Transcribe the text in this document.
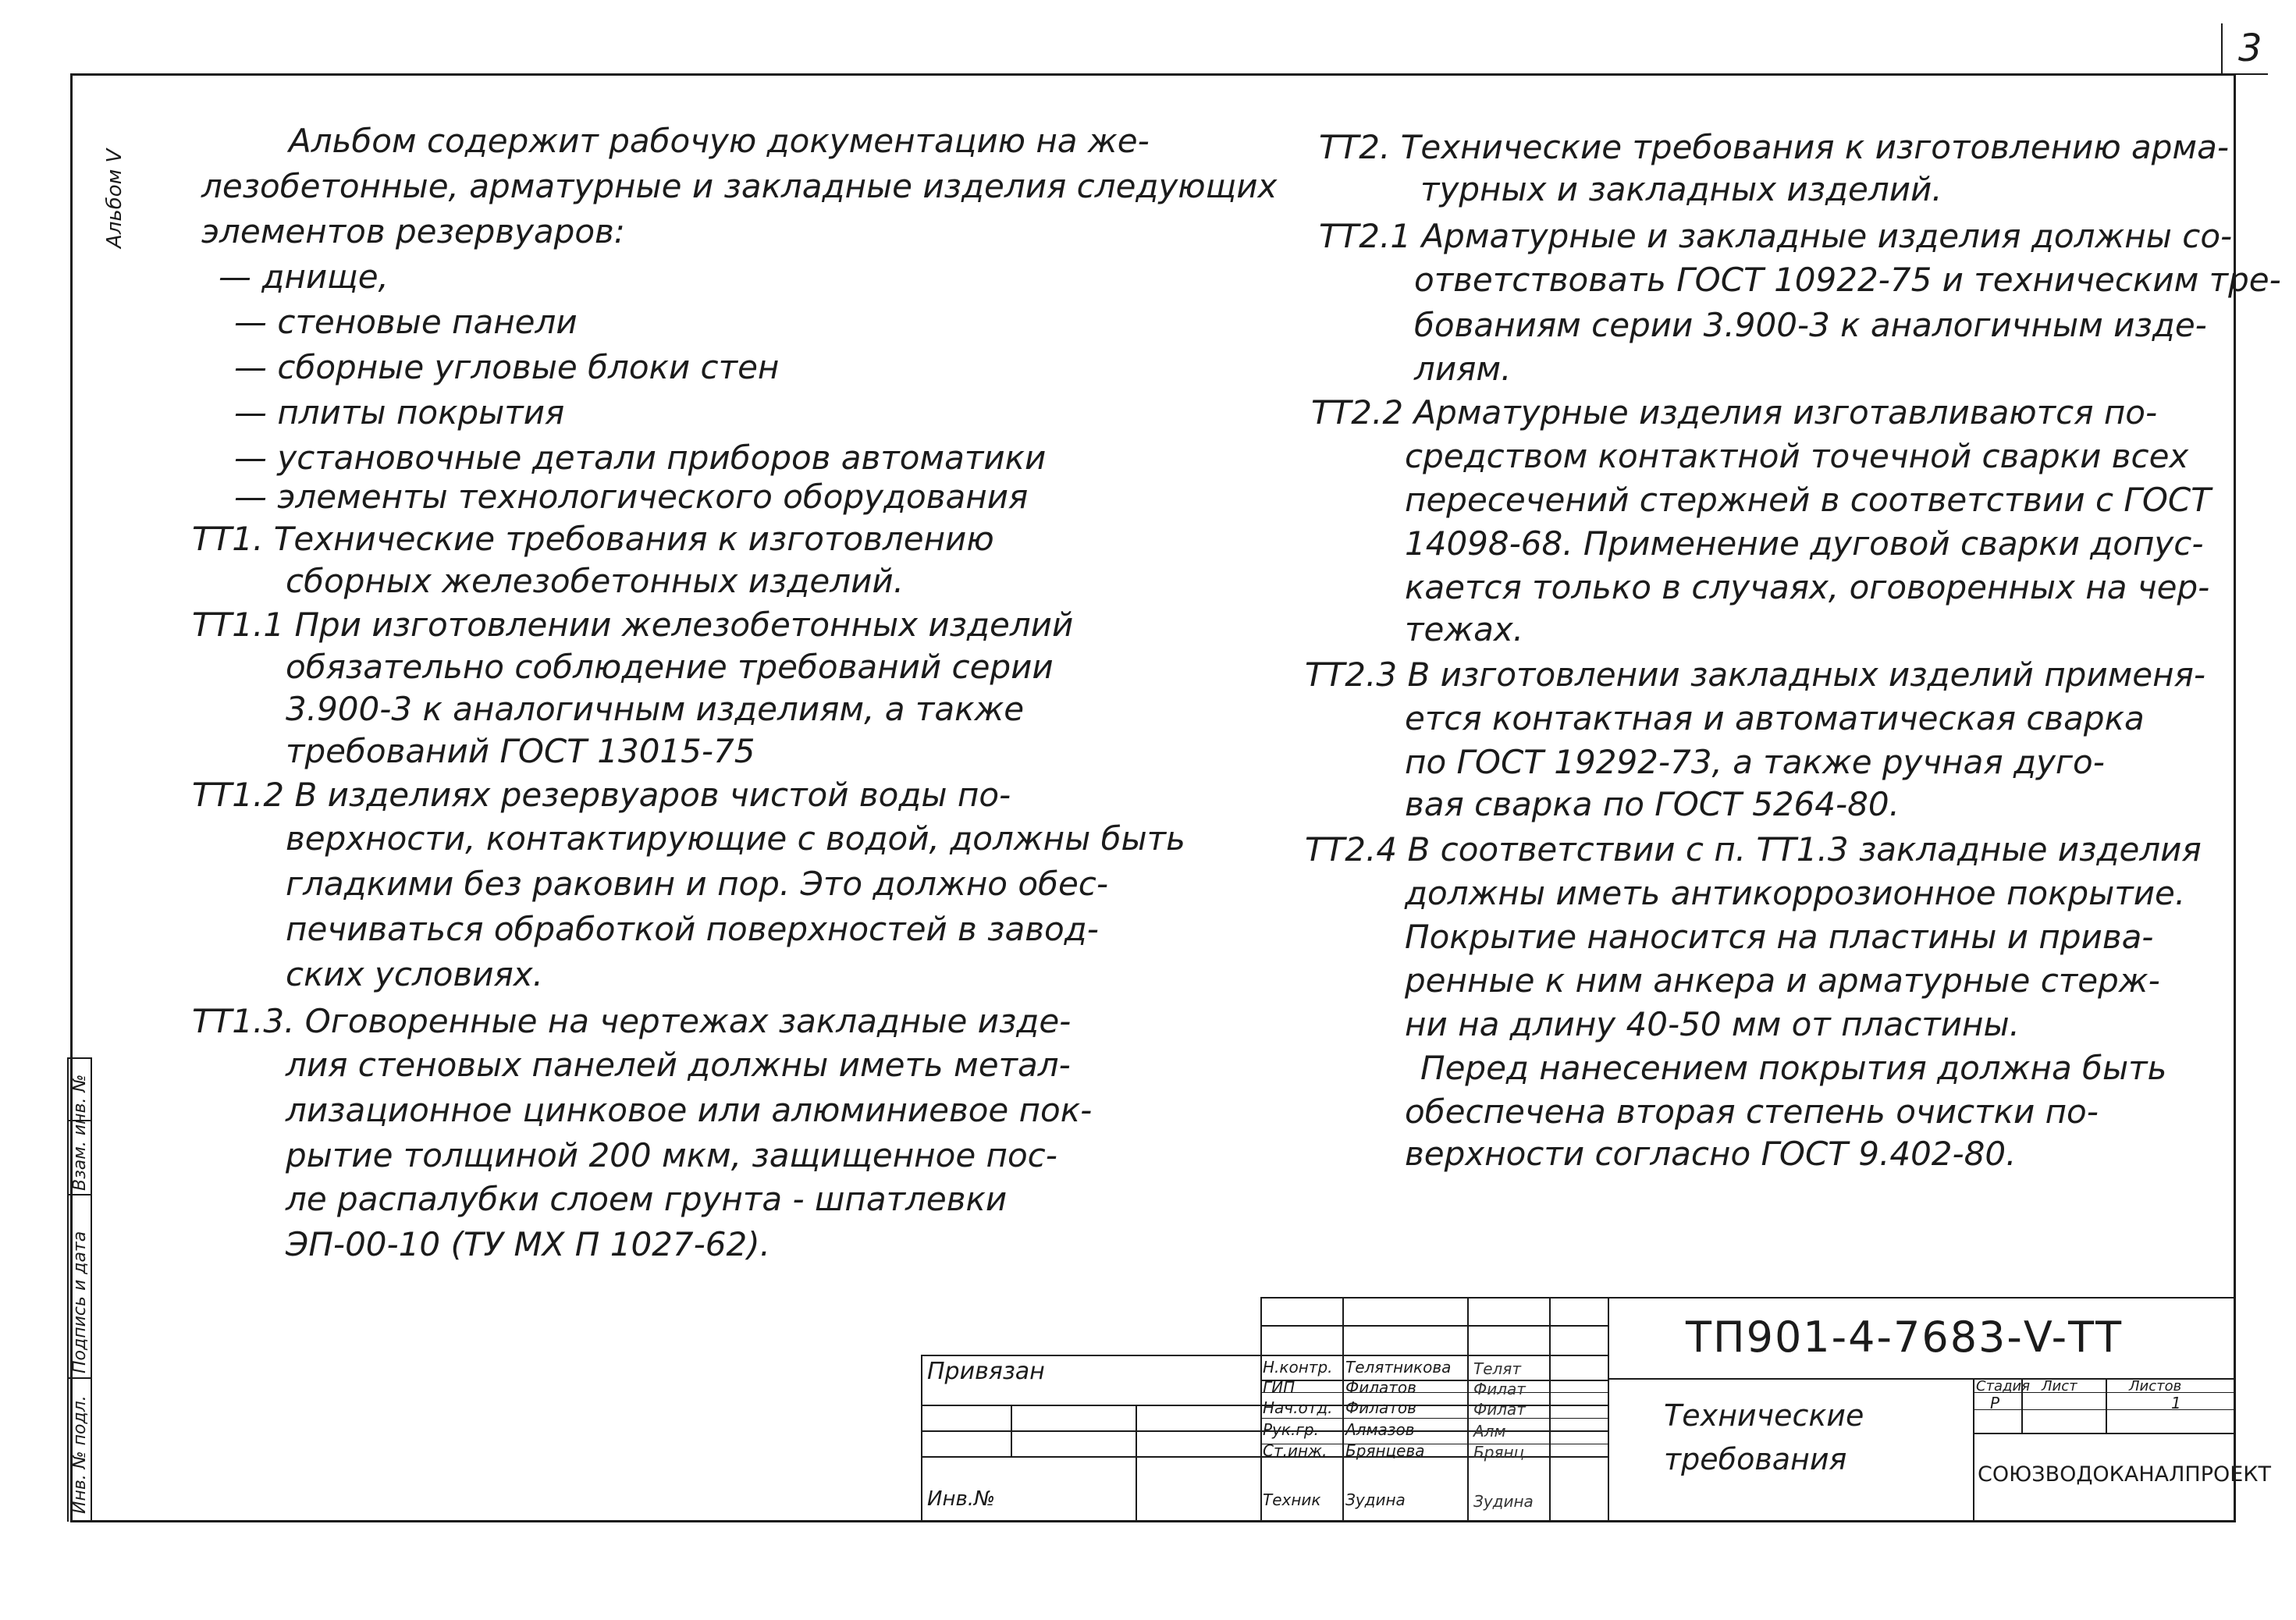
3
Альбом V
Взам. инв. №
Подпись и дата
Инв. № подл.
Альбом содержит рабочую документацию на же-
лезобетонные, арматурные и закладные изделия следующих
элементов резервуаров:
— днище,
— стеновые панели
— сборные угловые блоки стен
— плиты покрытия
— установочные детали приборов автоматики
— элементы технологического оборудования
ТТ1. Технические требования к изготовлению
сборных железобетонных изделий.
ТТ1.1 При изготовлении железобетонных изделий
обязательно соблюдение требований серии
3.900-3 к аналогичным изделиям, а также
требований ГОСТ 13015-75
ТТ1.2 В изделиях резервуаров чистой воды по-
верхности, контактирующие с водой, должны быть
гладкими без раковин и пор. Это должно обес-
печиваться обработкой поверхностей в завод-
ских условиях.
ТТ1.3. Оговоренные на чертежах закладные изде-
лия стеновых панелей должны иметь метал-
лизационное цинковое или алюминиевое пок-
рытие толщиной 200 мкм, защищенное пос-
ле распалубки слоем грунта - шпатлевки
ЭП-00-10 (ТУ МХ П 1027-62).
ТТ2. Технические требования к изготовлению арма-
турных и закладных изделий.
ТТ2.1 Арматурные и закладные изделия должны со-
ответствовать ГОСТ 10922-75 и техническим тре-
бованиям серии 3.900-3 к аналогичным изде-
лиям.
ТТ2.2 Арматурные изделия изготавливаются по-
средством контактной точечной сварки всех
пересечений стержней в соответствии с ГОСТ
14098-68. Применение дуговой сварки допус-
кается только в случаях, оговоренных на чер-
тежах.
ТТ2.3 В изготовлении закладных изделий применя-
ется контактная и автоматическая сварка
по ГОСТ 19292-73, а также ручная дуго-
вая сварка по ГОСТ 5264-80.
ТТ2.4 В соответствии с п. ТТ1.3 закладные изделия
должны иметь антикоррозионное покрытие.
Покрытие наносится на пластины и прива-
ренные к ним анкера и арматурные стерж-
ни на длину 40-50 мм от пластины.
Перед нанесением покрытия должна быть
обеспечена вторая степень очистки по-
верхности согласно ГОСТ 9.402-80.
Привязан
Инв.№
Н.контр.
ГИП
Нач.отд.
Рук.гр.
Ст.инж.
Техник
Телятникова
Филатов
Филатов
Алмазов
Брянцева
Зудина
Телят
Филат
Филат
Алм
Брянц
Зудина
ТП901-4-7683-V-ТТ
Технические
требования
Стадия Лист	Листов
Р	1
СОЮЗВОДОКАНАЛПРОЕКТ
